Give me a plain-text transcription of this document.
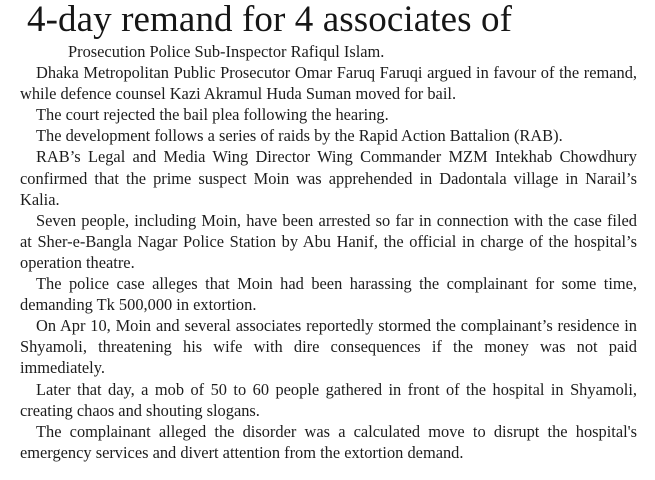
4-day remand for 4 associates of

Prosecution Police Sub-Inspector Rafiqul Islam.

Dhaka Metropolitan Public Prosecutor Omar Faruq Faruqi argued in favour of the remand, while defence counsel Kazi Akramul Huda Suman moved for bail.

The court rejected the bail plea following the hearing.

The development follows a series of raids by the Rapid Action Battalion (RAB).

RAB’s Legal and Media Wing Director Wing Commander MZM Intekhab Chowdhury confirmed that the prime suspect Moin was apprehended in Dadontala village in Narail’s Kalia.

Seven people, including Moin, have been arrested so far in connection with the case filed at Sher-e-Bangla Nagar Police Station by Abu Hanif, the official in charge of the hospital’s operation theatre.

The police case alleges that Moin had been harassing the complainant for some time, demanding Tk 500,000 in extortion.

On Apr 10, Moin and several associates reportedly stormed the complainant’s residence in Shyamoli, threatening his wife with dire consequences if the money was not paid immediately.

Later that day, a mob of 50 to 60 people gathered in front of the hospital in Shyamoli, creating chaos and shouting slogans.

The complainant alleged the disorder was a calculated move to disrupt the hospital's emergency services and divert attention from the extortion demand.
